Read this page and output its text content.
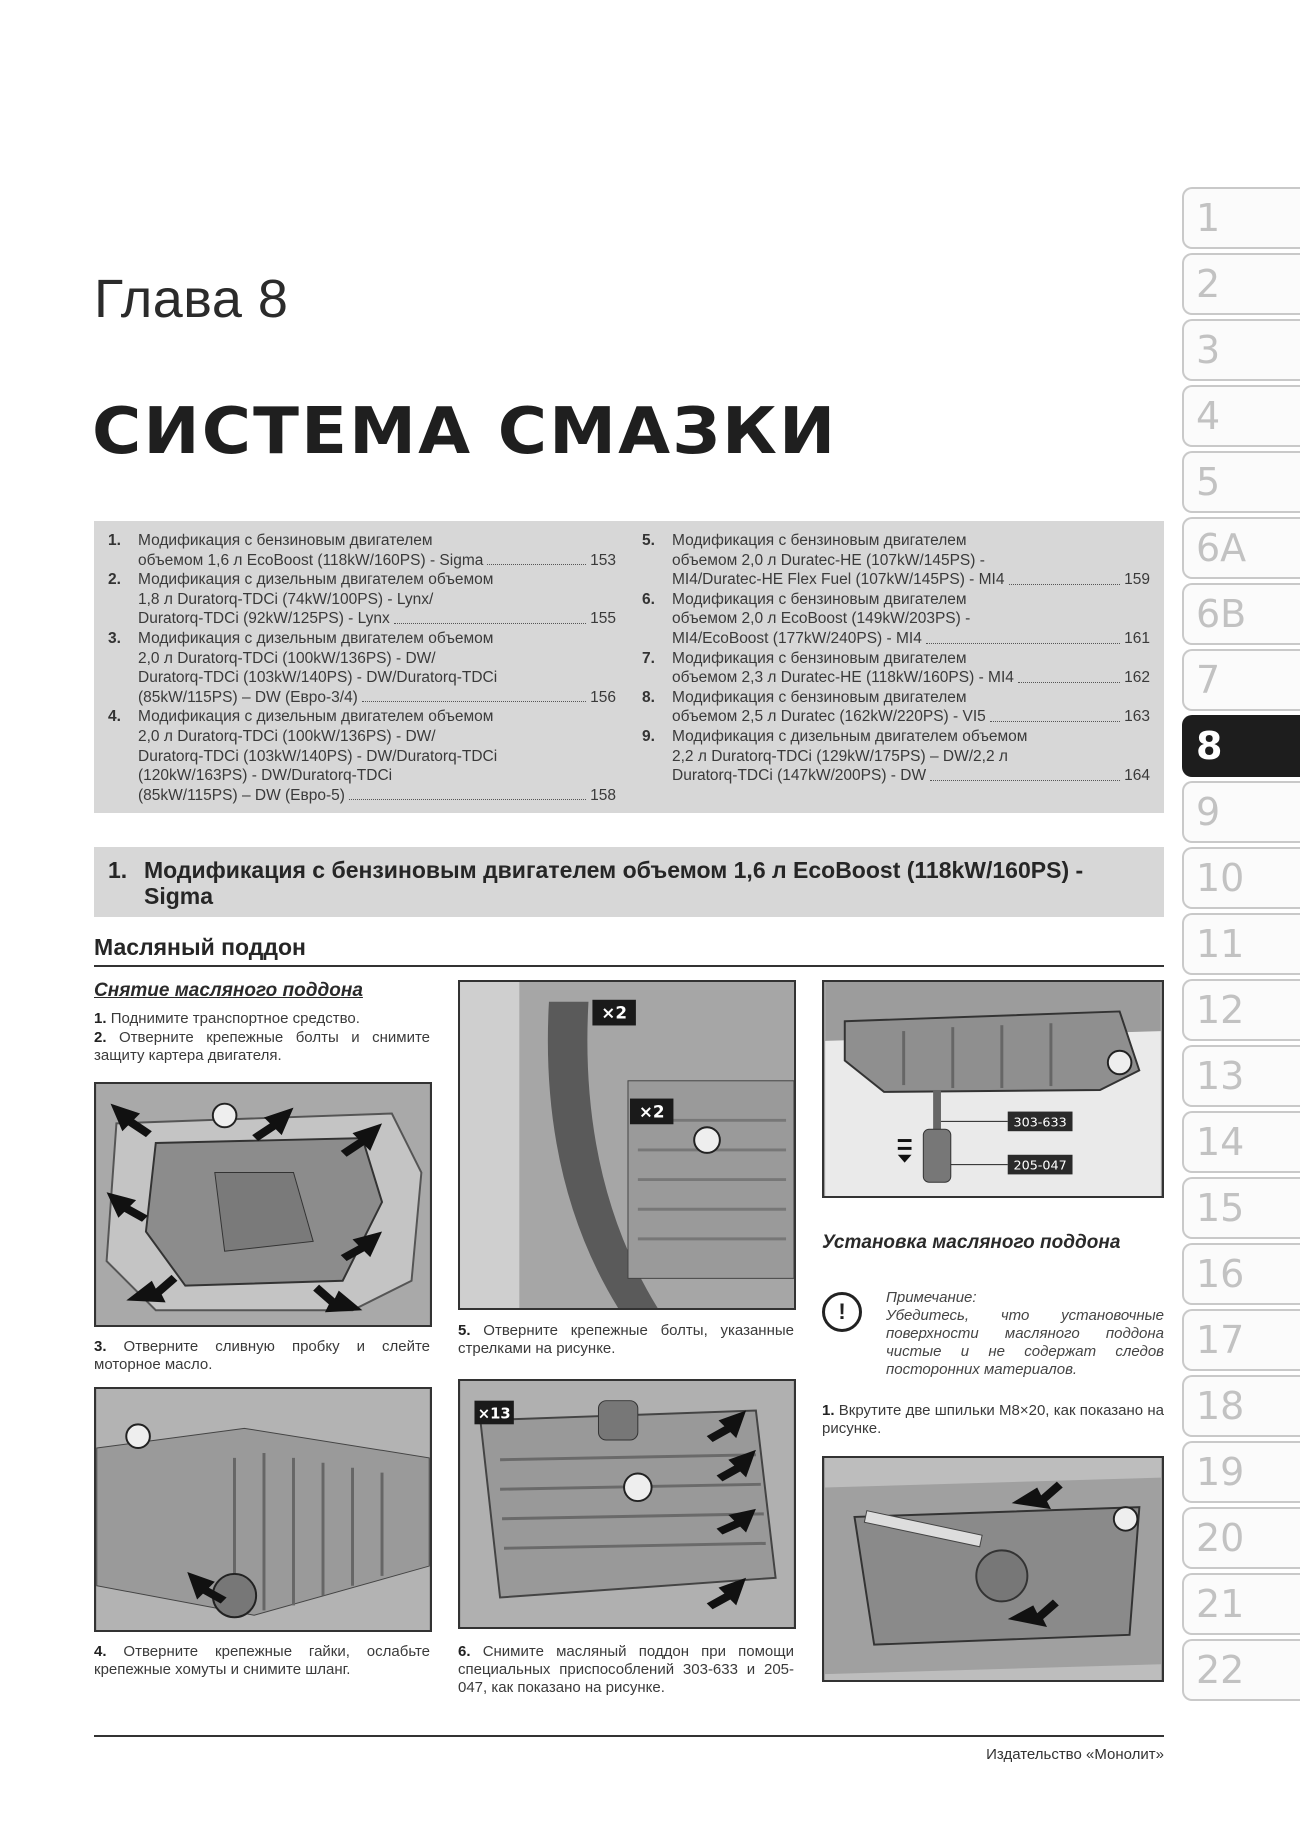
Глава 8
СИСТЕМА СМАЗКИ
1.	Модификация с бензиновым двигателем
объемом 1,6 л EcoBoost (118kW/160PS) - Sigma	153
2.	Модификация с дизельным двигателем объемом
1,8 л Duratorq-TDCi (74kW/100PS) - Lynx/
Duratorq-TDCi (92kW/125PS) - Lynx	155
3.	Модификация с дизельным двигателем объемом
2,0 л Duratorq-TDCi (100kW/136PS) - DW/
Duratorq-TDCi (103kW/140PS) - DW/Duratorq-TDCi
(85kW/115PS) – DW (Евро-3/4)	156
4.	Модификация с дизельным двигателем объемом
2,0 л Duratorq-TDCi (100kW/136PS) - DW/
Duratorq-TDCi (103kW/140PS) - DW/Duratorq-TDCi
(120kW/163PS) - DW/Duratorq-TDCi
(85kW/115PS) – DW (Евро-5)	158
5.	Модификация с бензиновым двигателем
объемом 2,0 л Duratec-HE (107kW/145PS) -
MI4/Duratec-HE Flex Fuel (107kW/145PS) - MI4	159
6.	Модификация с бензиновым двигателем
объемом 2,0 л EcoBoost (149kW/203PS) -
MI4/EcoBoost (177kW/240PS) - MI4	161
7.	Модификация с бензиновым двигателем
объемом 2,3 л Duratec-HE (118kW/160PS) - MI4	162
8.	Модификация с бензиновым двигателем
объемом 2,5 л Duratec (162kW/220PS) - VI5	163
9.	Модификация с дизельным двигателем объемом
2,2 л Duratorq-TDCi (129kW/175PS) – DW/2,2 л
Duratorq-TDCi (147kW/200PS) - DW	164
1. Модификация с бензиновым двигателем объемом 1,6 л EcoBoost (118kW/160PS) - Sigma
Масляный поддон
Снятие масляного поддона
1. Поднимите транспортное средство.
2. Отверните крепежные болты и снимите защиту картера двигателя.
3. Отверните сливную пробку и слейте моторное масло.
4. Отверните крепежные гайки, ослабьте крепежные хомуты и снимите шланг.
×2
×2
5. Отверните крепежные болты, указанные стрелками на рисунке.
×13
6. Снимите масляный поддон при помощи специальных приспособлений 303-633 и 205-047, как показано на рисунке.
303-633
205-047
Установка масляного поддона
!
Примечание:
Убедитесь, что установочные поверхности масляного поддона чистые и не содержат следов посторонних материалов.
1. Вкрутите две шпильки M8×20, как показано на рисунке.
Издательство «Монолит»
1
2
3
4
5
6A
6B
7
8
9
10
11
12
13
14
15
16
17
18
19
20
21
22
